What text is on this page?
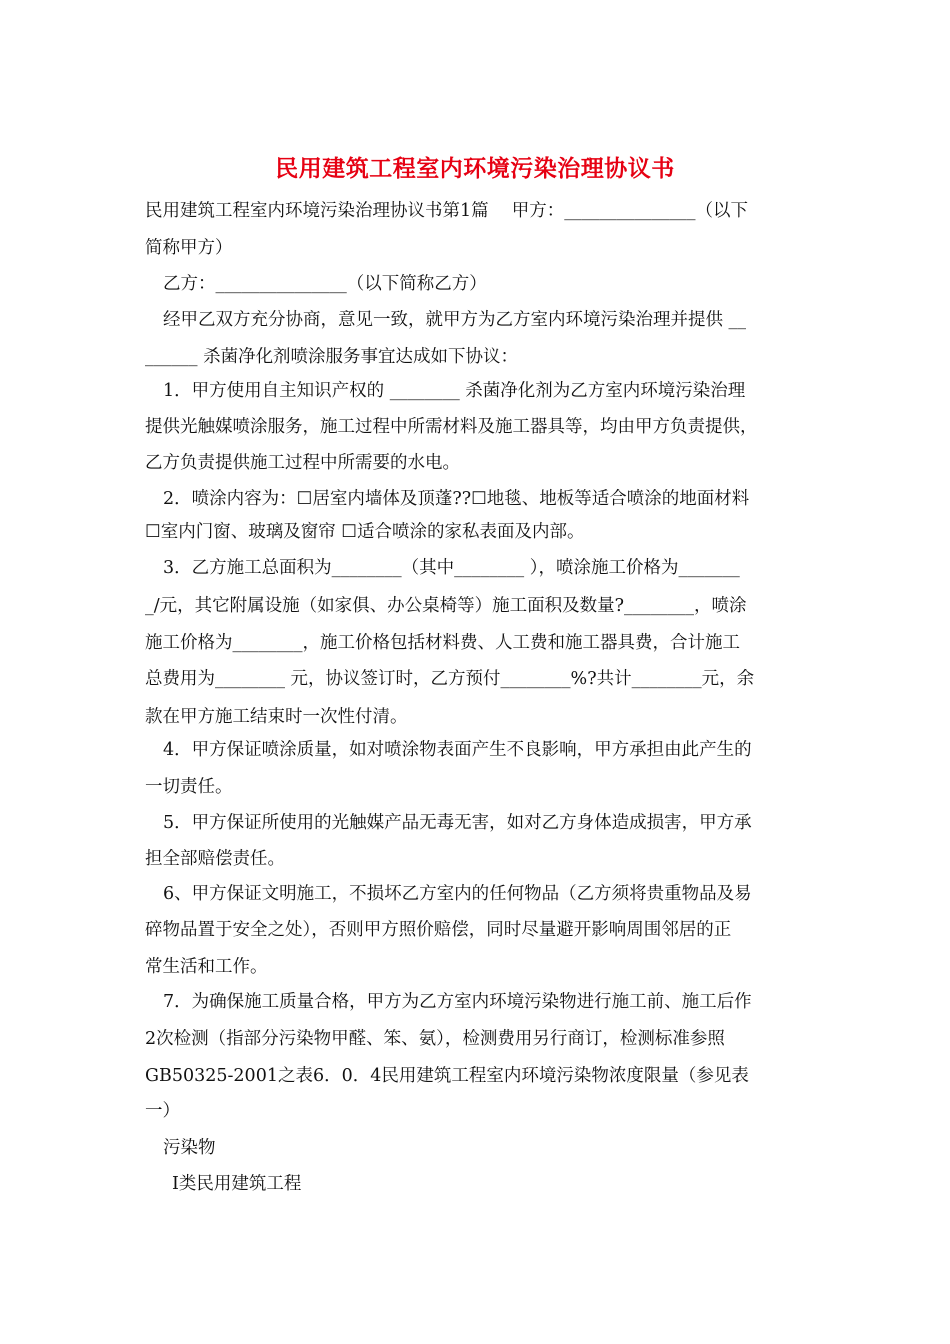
民用建筑工程室内环境污染治理协议书
民用建筑工程室内环境污染治理协议书第1篇　 甲方：_______________（以下
简称甲方）
乙方：_______________（以下简称乙方）
经甲乙双方充分协商，意见一致，就甲方为乙方室内环境污染治理并提供 __
______ 杀菌净化剂喷涂服务事宜达成如下协议：
1．甲方使用自主知识产权的 ________ 杀菌净化剂为乙方室内环境污染治理
提供光触媒喷涂服务，施工过程中所需材料及施工器具等，均由甲方负责提供，
乙方负责提供施工过程中所需要的水电。
2．喷涂内容为：☐居室内墙体及顶蓬??☐地毯、地板等适合喷涂的地面材料
☐室内门窗、玻璃及窗帘 ☐适合喷涂的家私表面及内部。
3．乙方施工总面积为________（其中________ ），喷涂施工价格为_______
_/元，其它附属设施（如家俱、办公桌椅等）施工面积及数量?________，喷涂
施工价格为________，施工价格包括材料费、人工费和施工器具费，合计施工
总费用为________ 元，协议签订时，乙方预付________%?共计________元，余
款在甲方施工结束时一次性付清。
4．甲方保证喷涂质量，如对喷涂物表面产生不良影响，甲方承担由此产生的
一切责任。
5．甲方保证所使用的光触媒产品无毒无害，如对乙方身体造成损害，甲方承
担全部赔偿责任。
6、甲方保证文明施工，不损坏乙方室内的任何物品（乙方须将贵重物品及易
碎物品置于安全之处），否则甲方照价赔偿，同时尽量避开影响周围邻居的正
常生活和工作。
7．为确保施工质量合格，甲方为乙方室内环境污染物进行施工前、施工后作
2次检测（指部分污染物甲醛、笨、氨），检测费用另行商订，检测标准参照
GB50325-2001之表6．0．4民用建筑工程室内环境污染物浓度限量（参见表
一）
污染物
Ⅰ类民用建筑工程
